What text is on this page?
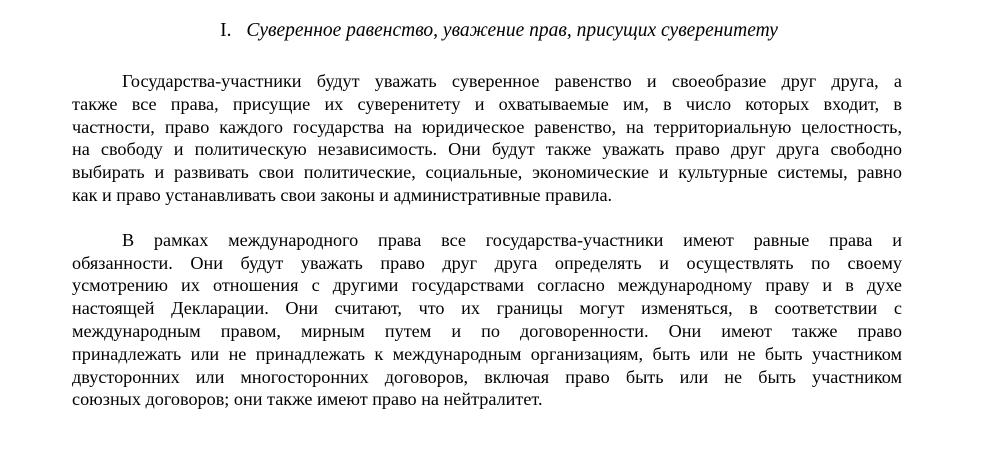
I. Суверенное равенство, уважение прав, присущих суверенитету
Государства-участники будут уважать суверенное равенство и своеобразие друг друга, а
также все права, присущие их суверенитету и охватываемые им, в число которых входит, в
частности, право каждого государства на юридическое равенство, на территориальную целостность,
на свободу и политическую независимость. Они будут также уважать право друг друга свободно
выбирать и развивать свои политические, социальные, экономические и культурные системы, равно
как и право устанавливать свои законы и административные правила.
В рамках международного права все государства-участники имеют равные права и
обязанности. Они будут уважать право друг друга определять и осуществлять по своему
усмотрению их отношения с другими государствами согласно международному праву и в духе
настоящей Декларации. Они считают, что их границы могут изменяться, в соответствии с
международным правом, мирным путем и по договоренности. Они имеют также право
принадлежать или не принадлежать к международным организациям, быть или не быть участником
двусторонних или многосторонних договоров, включая право быть или не быть участником
союзных договоров; они также имеют право на нейтралитет.
